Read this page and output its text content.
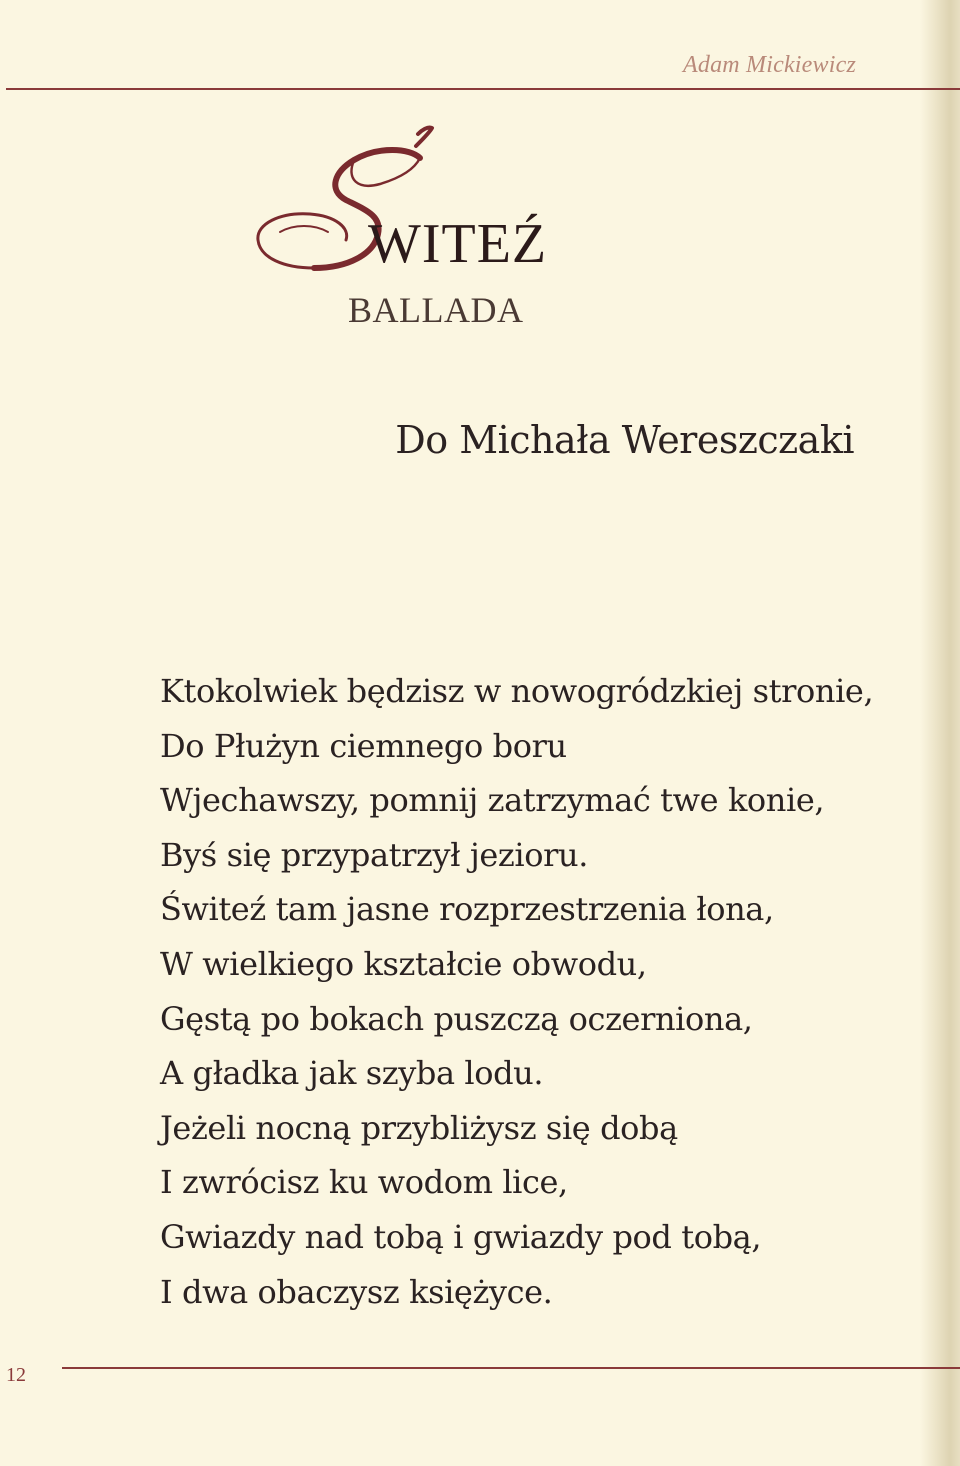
Adam Mickiewicz
WITEŹ
BALLADA
Do Michała Wereszczaki
Ktokolwiek będzisz w nowogródzkiej stronie,
Do Płużyn ciemnego boru
Wjechawszy, pomnij zatrzymać twe konie,
Byś się przypatrzył jezioru.
Świteź tam jasne rozprzestrzenia łona,
W wielkiego kształcie obwodu,
Gęstą po bokach puszczą oczerniona,
A gładka jak szyba lodu.
Jeżeli nocną przybliżysz się dobą
I zwrócisz ku wodom lice,
Gwiazdy nad tobą i gwiazdy pod tobą,
I dwa obaczysz księżyce.
12
